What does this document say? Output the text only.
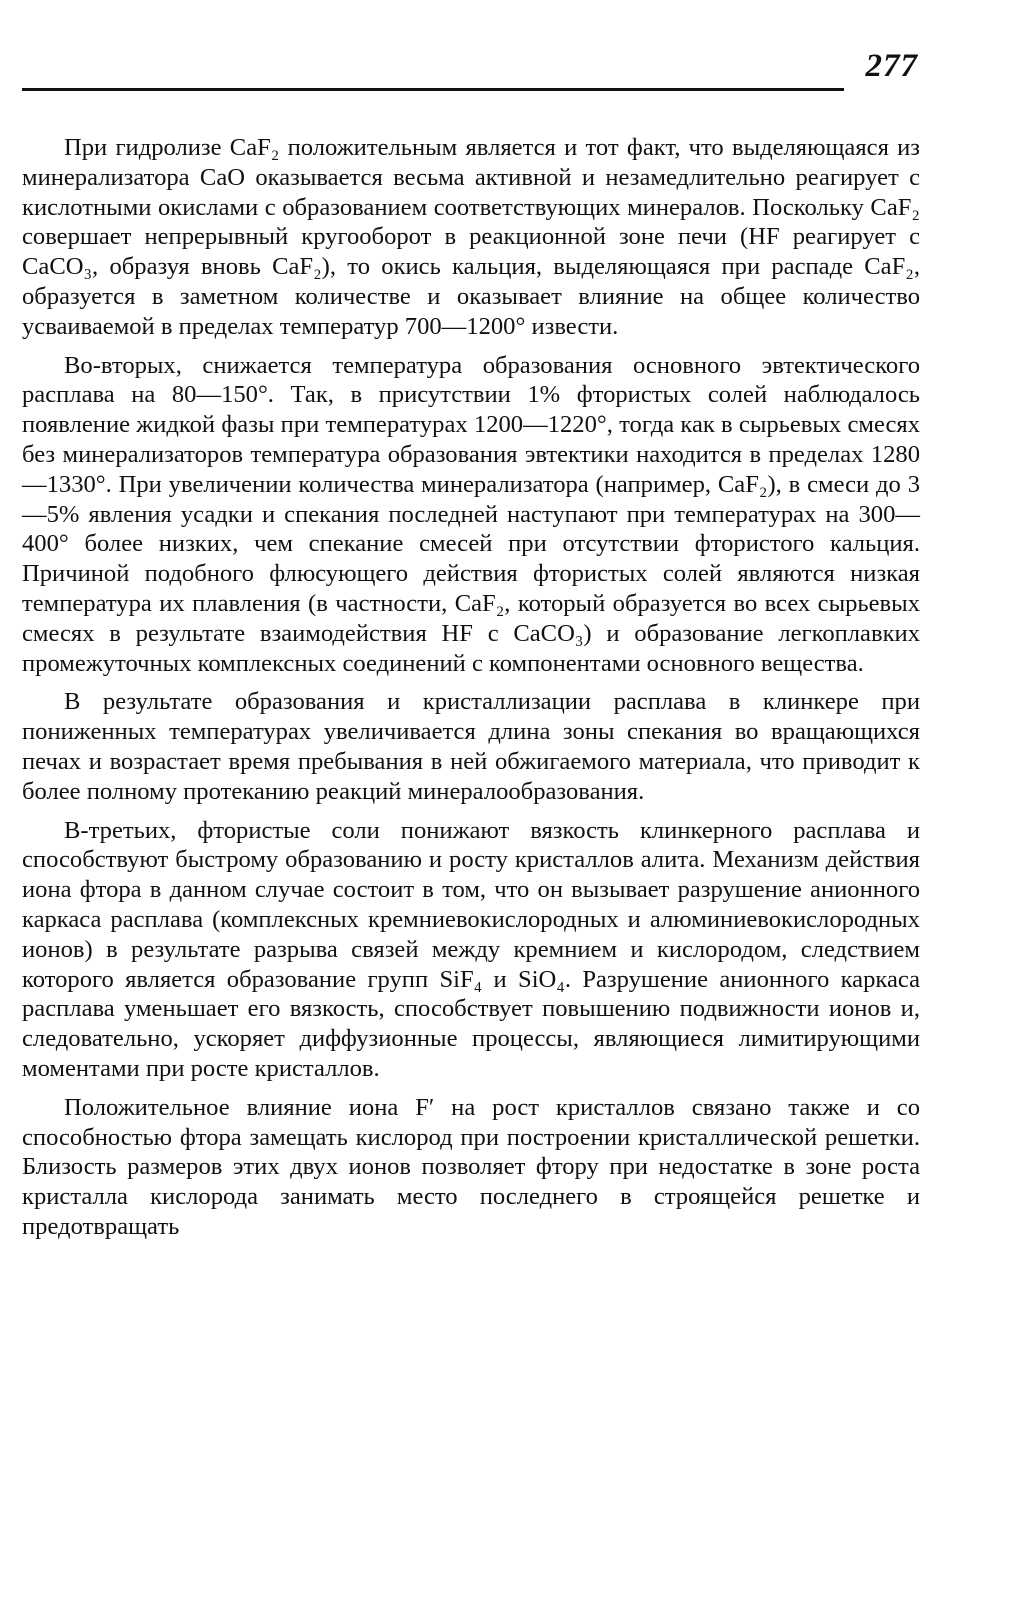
277

При гидролизе CaF₂ положительным является и тот факт, что выделяющаяся из минерализатора CaO оказывается весьма активной и незамедлительно реагирует с кислотными окислами с образованием соответствующих минералов. Поскольку CaF₂ совершает непрерывный кругооборот в реакционной зоне печи (HF реагирует с CaCO₃, образуя вновь CaF₂), то окись кальция, выделяющаяся при распаде CaF₂, образуется в заметном количестве и оказывает влияние на общее количество усваиваемой в пределах температур 700—1200° извести.

Во-вторых, снижается температура образования основного эвтектического расплава на 80—150°. Так, в присутствии 1% фтористых солей наблюдалось появление жидкой фазы при температурах 1200—1220°, тогда как в сырьевых смесях без минерализаторов температура образования эвтектики находится в пределах 1280—1330°. При увеличении количества минерализатора (например, CaF₂), в смеси до 3—5% явления усадки и спекания последней наступают при температурах на 300—400° более низких, чем спекание смесей при отсутствии фтористого кальция. Причиной подобного флюсующего действия фтористых солей являются низкая температура их плавления (в частности, CaF₂, который образуется во всех сырьевых смесях в результате взаимодействия HF с CaCO₃) и образование легкоплавких промежуточных комплексных соединений с компонентами основного вещества.

В результате образования и кристаллизации расплава в клинкере при пониженных температурах увеличивается длина зоны спекания во вращающихся печах и возрастает время пребывания в ней обжигаемого материала, что приводит к более полному протеканию реакций минералообразования.

В-третьих, фтористые соли понижают вязкость клинкерного расплава и способствуют быстрому образованию и росту кристаллов алита. Механизм действия иона фтора в данном случае состоит в том, что он вызывает разрушение анионного каркаса расплава (комплексных кремниевокислородных и алюминиевокислородных ионов) в результате разрыва связей между кремнием и кислородом, следствием которого является образование групп SiF₄ и SiO₄. Разрушение анионного каркаса расплава уменьшает его вязкость, способствует повышению подвижности ионов и, следовательно, ускоряет диффузионные процессы, являющиеся лимитирующими моментами при росте кристаллов.

Положительное влияние иона F′ на рост кристаллов связано также и со способностью фтора замещать кислород при построении кристаллической решетки. Близость размеров этих двух ионов позволяет фтору при недостатке в зоне роста кристалла кислорода занимать место последнего в строящейся решетке и предотвращать
